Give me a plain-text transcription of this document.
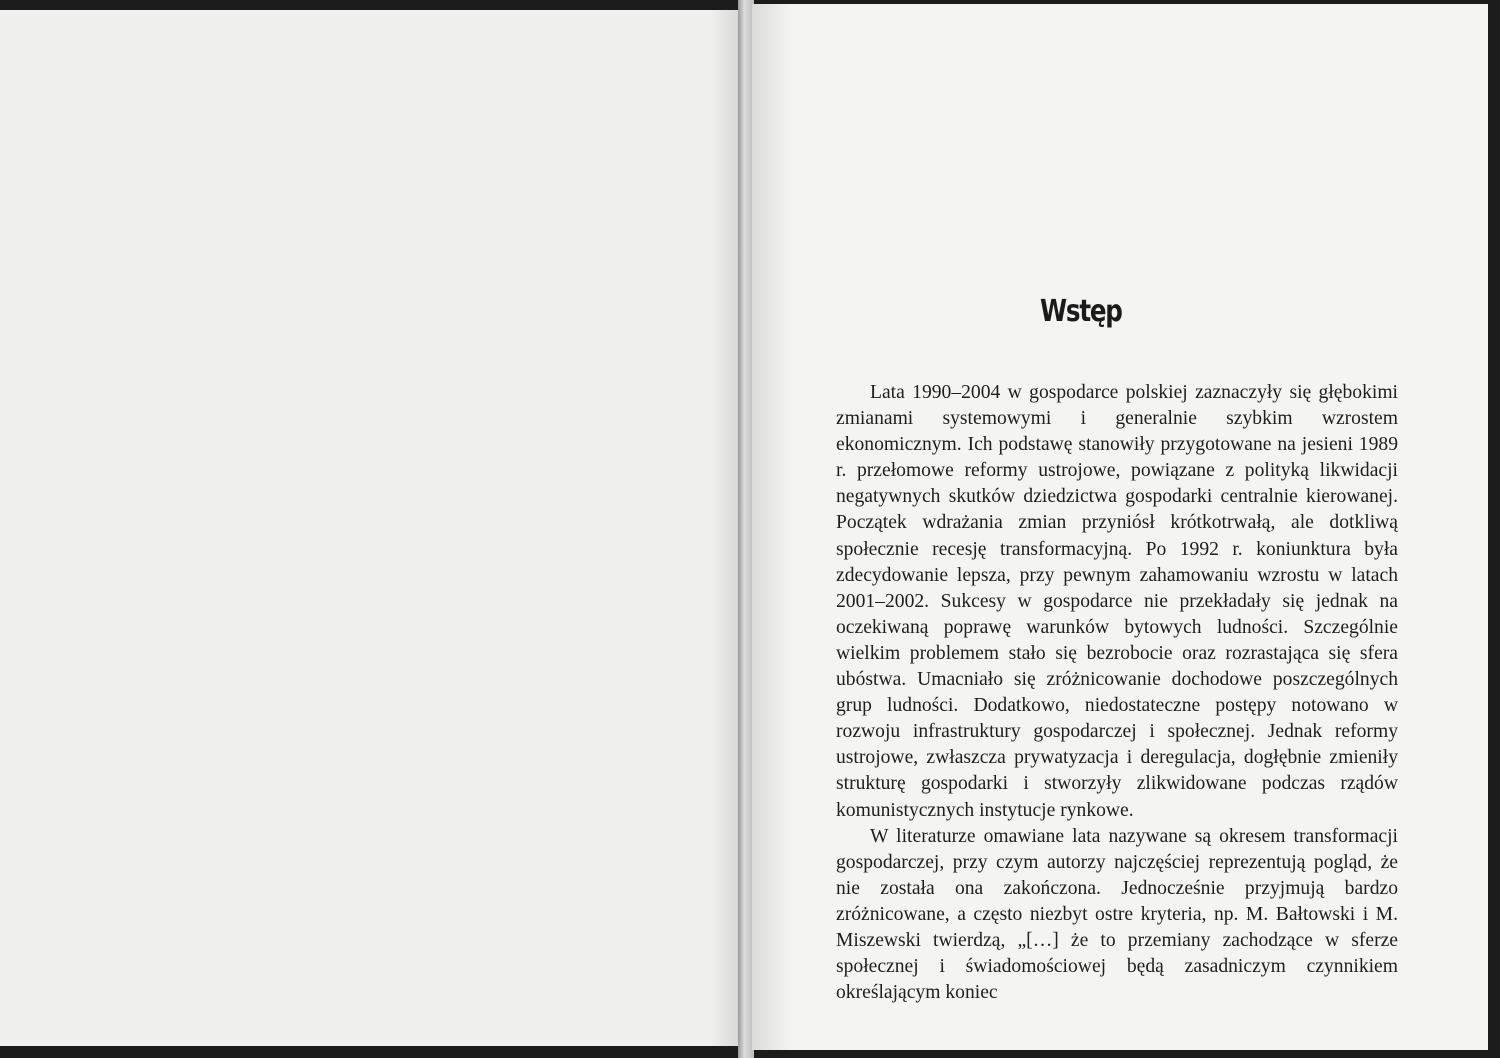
Wstęp

Lata 1990–2004 w gospodarce polskiej zaznaczyły się głębokimi zmianami systemowymi i generalnie szybkim wzrostem ekonomicznym. Ich podstawę stanowiły przygotowane na jesieni 1989 r. przełomowe reformy ustrojowe, powiązane z polityką likwidacji negatywnych skutków dziedzictwa gospodarki centralnie kierowanej. Początek wdrażania zmian przyniósł krótkotrwałą, ale dotkliwą społecznie recesję transformacyjną. Po 1992 r. koniunktura była zdecydowanie lepsza, przy pewnym zahamowaniu wzrostu w latach 2001–2002. Sukcesy w gospodarce nie przekładały się jednak na oczekiwaną poprawę warunków bytowych ludności. Szczególnie wielkim problemem stało się bezrobocie oraz rozrastająca się sfera ubóstwa. Umacniało się zróżnicowanie dochodowe poszczególnych grup ludności. Dodatkowo, niedostateczne postępy notowano w rozwoju infrastruktury gospodarczej i społecznej. Jednak reformy ustrojowe, zwłaszcza prywatyzacja i deregulacja, dogłębnie zmieniły strukturę gospodarki i stworzyły zlikwidowane podczas rządów komunistycznych instytucje rynkowe.

W literaturze omawiane lata nazywane są okresem transformacji gospodarczej, przy czym autorzy najczęściej reprezentują pogląd, że nie została ona zakończona. Jednocześnie przyjmują bardzo zróżnicowane, a często niezbyt ostre kryteria, np. M. Bałtowski i M. Miszewski twierdzą, „[…] że to przemiany zachodzące w sferze społecznej i świadomościowej będą zasadniczym czynnikiem określającym koniec
